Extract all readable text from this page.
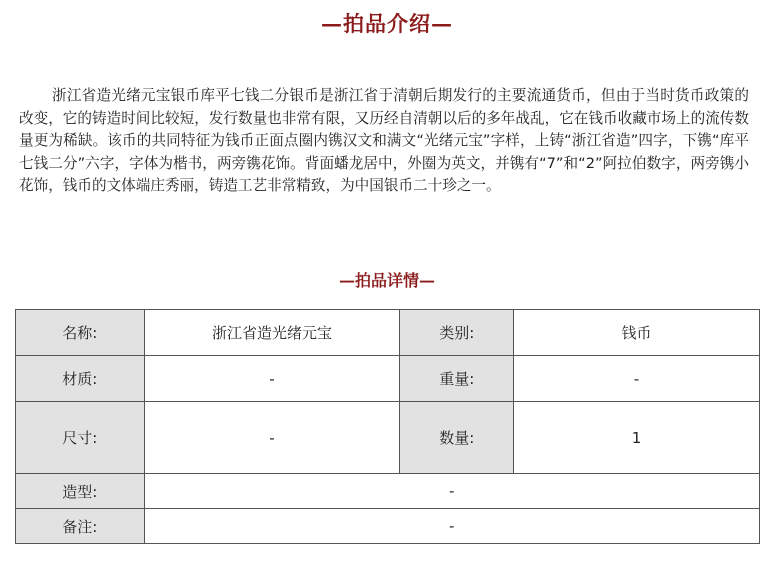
—拍品介绍—

浙江省造光绪元宝银币库平七钱二分银币是浙江省于清朝后期发行的主要流通货币，但由于当时货币政策的改变，它的铸造时间比较短，发行数量也非常有限，又历经自清朝以后的多年战乱，它在钱币收藏市场上的流传数量更为稀缺。该币的共同特征为钱币正面点圈内镌汉文和满文“光绪元宝”字样，上铸“浙江省造”四字，下镌“库平七钱二分”六字，字体为楷书，两旁镌花饰。背面蟠龙居中，外圈为英文，并镌有“7”和“2”阿拉伯数字，两旁镌小花饰，钱币的文体端庄秀丽，铸造工艺非常精致，为中国银币二十珍之一。

—拍品详情—
名称:	浙江省造光绪元宝	类别:	钱币
材质:	-	重量:	-
尺寸:	-	数量:	1
造型:	-		
备注:	-		
